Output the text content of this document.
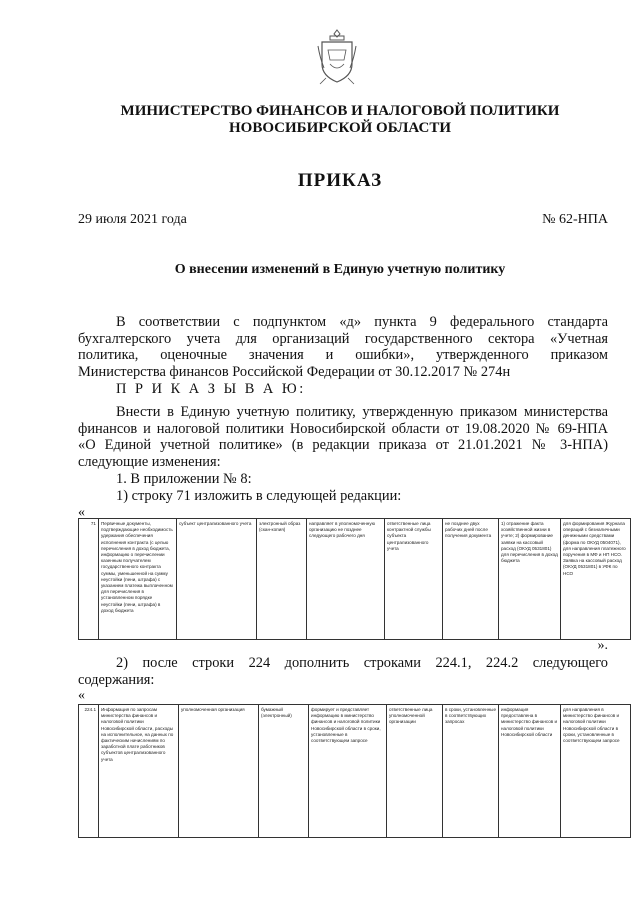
МИНИСТЕРСТВО ФИНАНСОВ И НАЛОГОВОЙ ПОЛИТИКИ
НОВОСИБИРСКОЙ ОБЛАСТИ
ПРИКАЗ
29 июля 2021 года	№ 62-НПА
О внесении изменений в Единую учетную политику
В соответствии с подпунктом «д» пункта 9 федерального стандарта
бухгалтерского учета для организаций государственного сектора «Учетная
политика, оценочные значения и ошибки», утвержденного приказом
Министерства финансов Российской Федерации от 30.12.2017 № 274н
П Р И К А З Ы В А Ю:
Внести в Единую учетную политику, утвержденную приказом министерства
финансов и налоговой политики Новосибирской области от 19.08.2020 № 69-НПА
«О Единой учетной политике» (в редакции приказа от 21.01.2021 № 3-НПА)
следующие изменения:
1. В приложении № 8:
1) строку 71 изложить в следующей редакции:
«
71	Первичные документы, подтверждающие необходимость удержания обеспечения исполнения контракта (с целью перечисления в доход бюджета, информацию о перечислении казенным получателем государственного контракта суммы, уменьшенной на сумму неустойки (пени, штрафа) с указанием платежа выплаченном для перечисления в установленном порядке неустойки (пени, штрафа) в доход бюджета	субъект централизованного учета	электронный образ (скан-копия)	направляет в уполномоченную организацию не позднее следующего рабочего дня	ответственные лица контрактной службы субъекта централизованного учета	не позднее двух рабочих дней после получения документа	1) отражение факта хозяйственной жизни в учете; 2) формирование заявки на кассовый расход (ОКУД 0531801) для перечисления в доход бюджета	для формирования Журнала операций с безналичными денежными средствами (форма по ОКУД 0504071), для направления платежного поручения в МФ и НП НСО. Заявка на кассовый расход (ОКУД 0531801) в УФК по НСО
».
2) после строки 224 дополнить строками 224.1, 224.2 следующего
содержания:
«
224.1	Информация по запросам министерства финансов и налоговой политики Новосибирской области, расходы на исполнительное, на данных по фактическим начислениям по заработной плате работников субъектов централизованного учета	уполномоченная организация	бумажный (электронный)	формирует и представляет информацию в министерство финансов и налоговой политики Новосибирской области в сроки, установленные в соответствующем запросе	ответственные лица уполномоченной организации	в сроки, установленные в соответствующих запросах	информация предоставлена в министерство финансов и налоговой политики Новосибирской области	для направления в министерство финансов и налоговой политики Новосибирской области в сроки, установленные в соответствующем запросе
